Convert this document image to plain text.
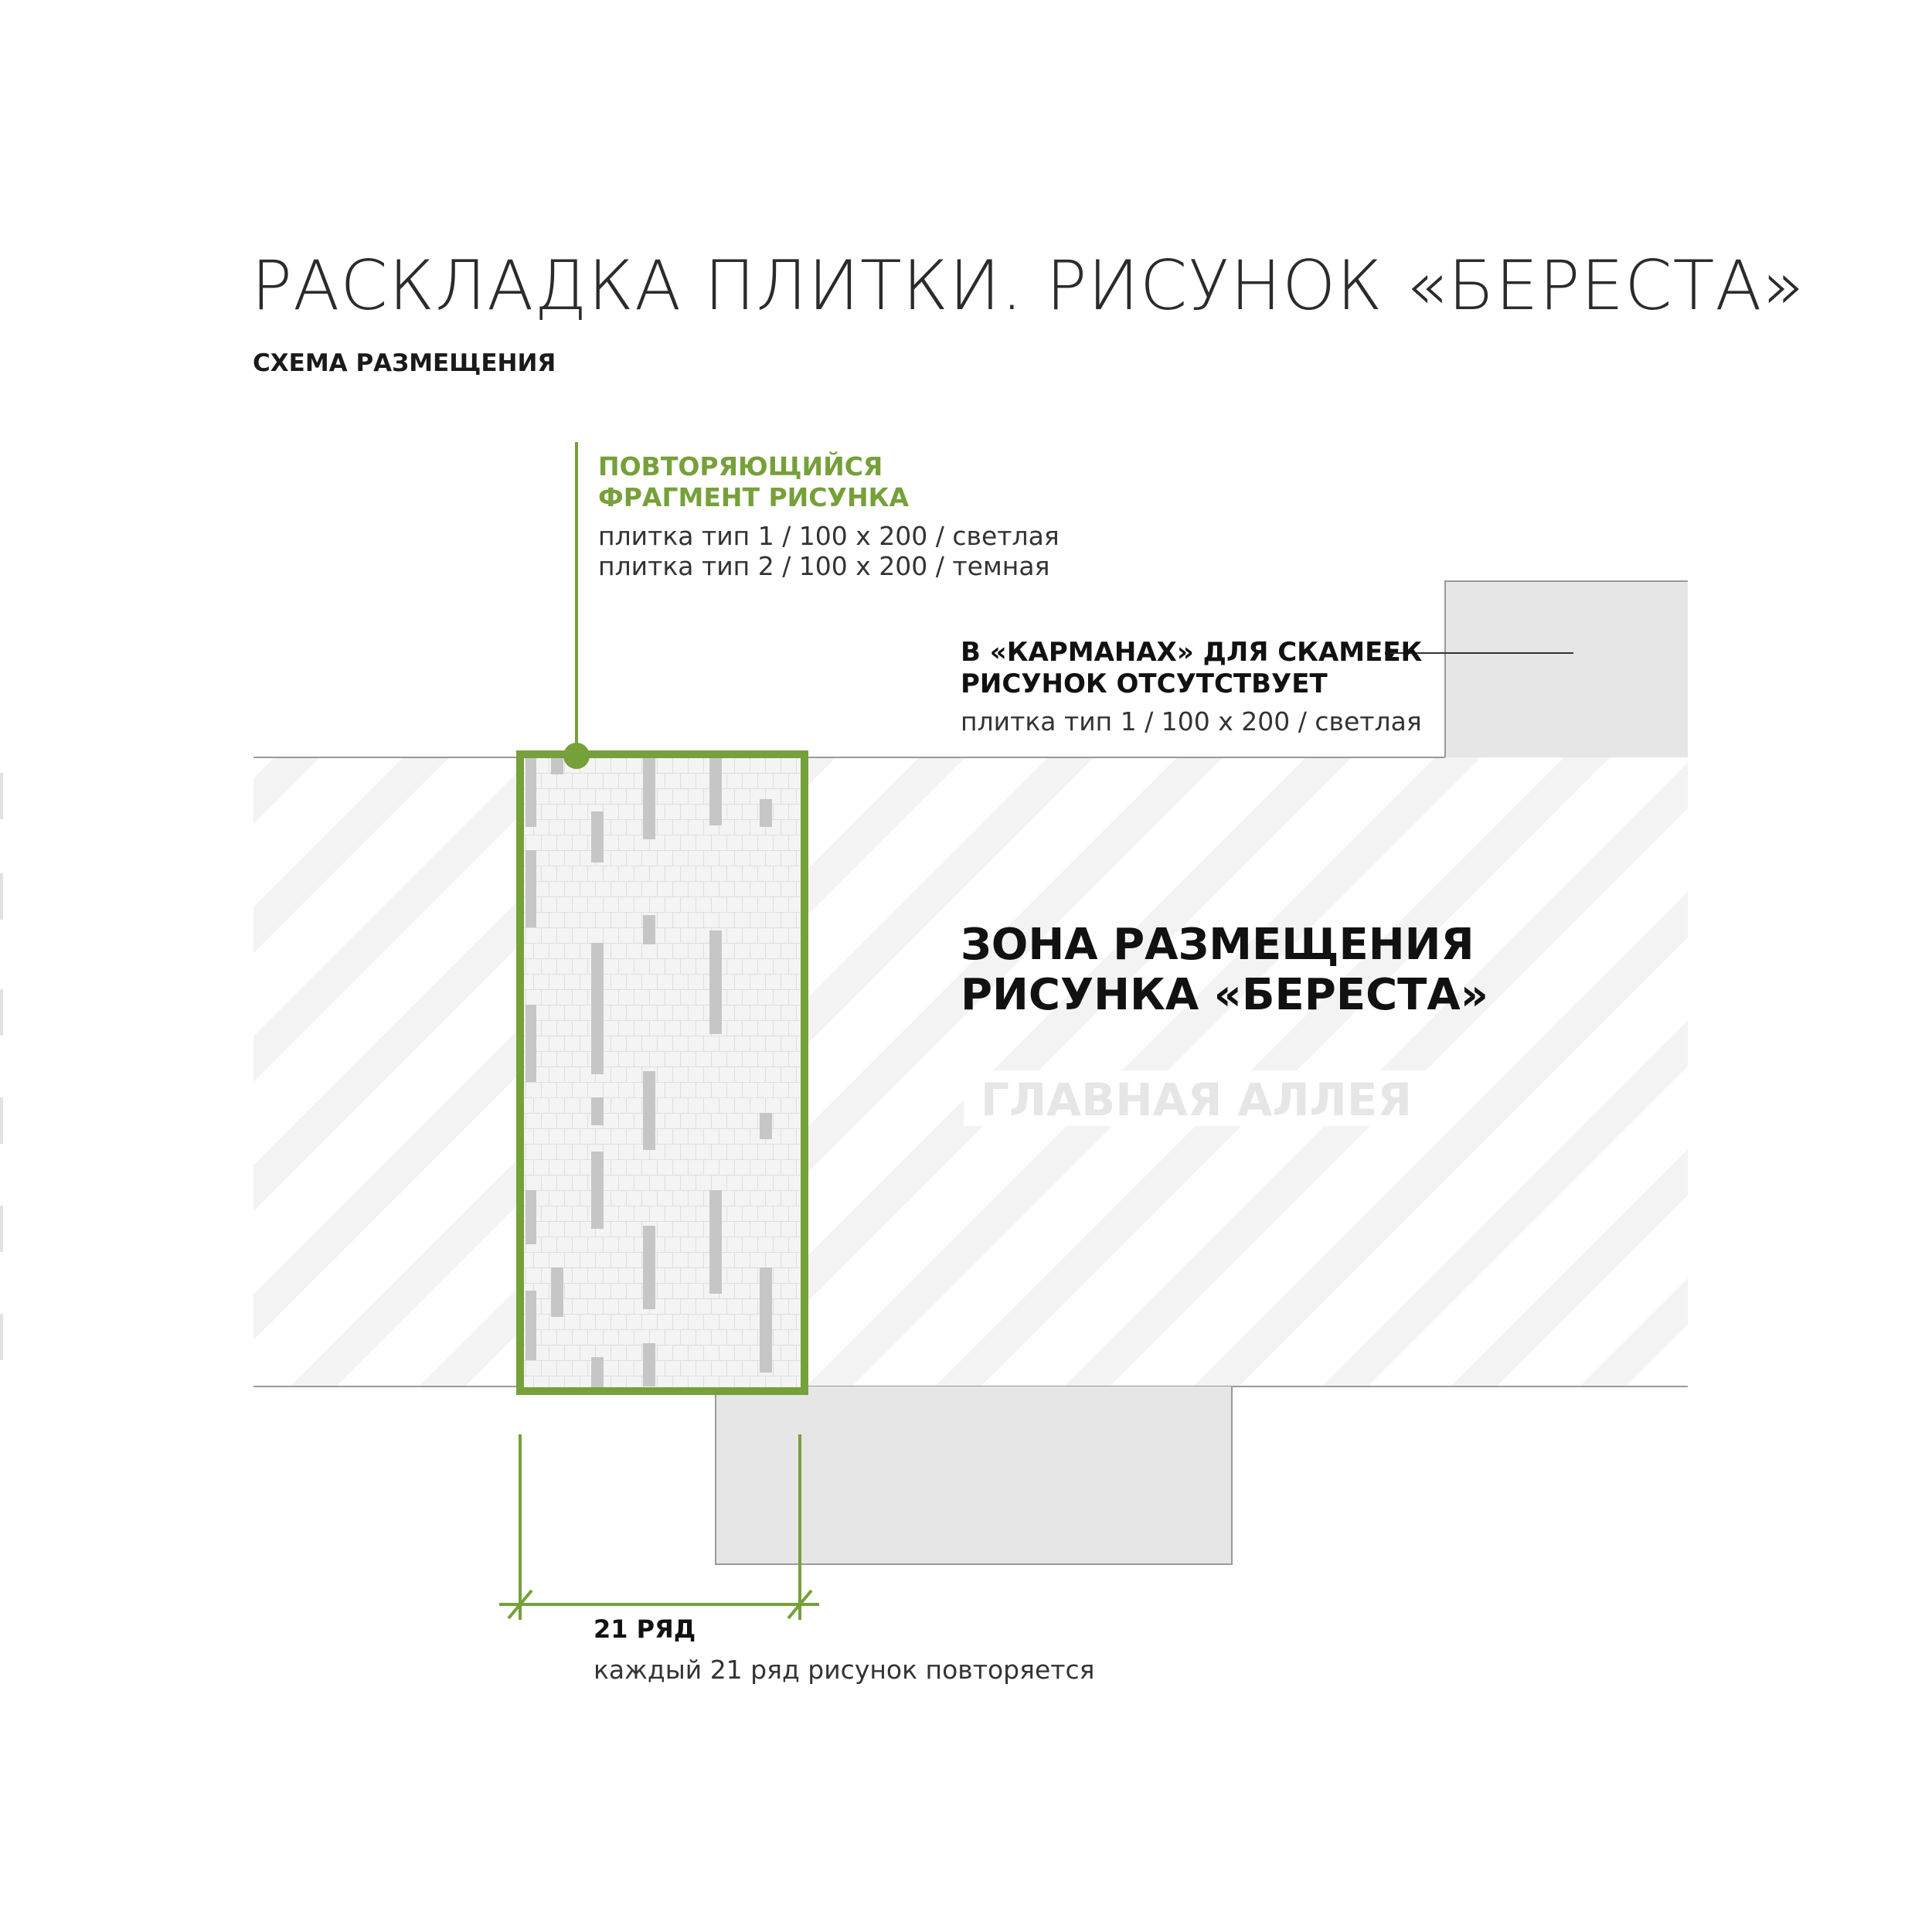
РАСКЛАДКА ПЛИТКИ. РИСУНОК «БЕРЕСТА»
СХЕМА РАЗМЕЩЕНИЯ
ПОВТОРЯЮЩИЙСЯ
ФРАГМЕНТ РИСУНКА
плитка тип 1 / 100 х 200 / светлая
плитка тип 2 / 100 х 200 / темная
В «КАРМАНАХ» ДЛЯ СКАМЕЕК
РИСУНОК ОТСУТСТВУЕТ
плитка тип 1 / 100 х 200 / светлая
ЗОНА РАЗМЕЩЕНИЯ
РИСУНКА «БЕРЕСТА»
ГЛАВНАЯ АЛЛЕЯ
21 РЯД
каждый 21 ряд рисунок повторяется
